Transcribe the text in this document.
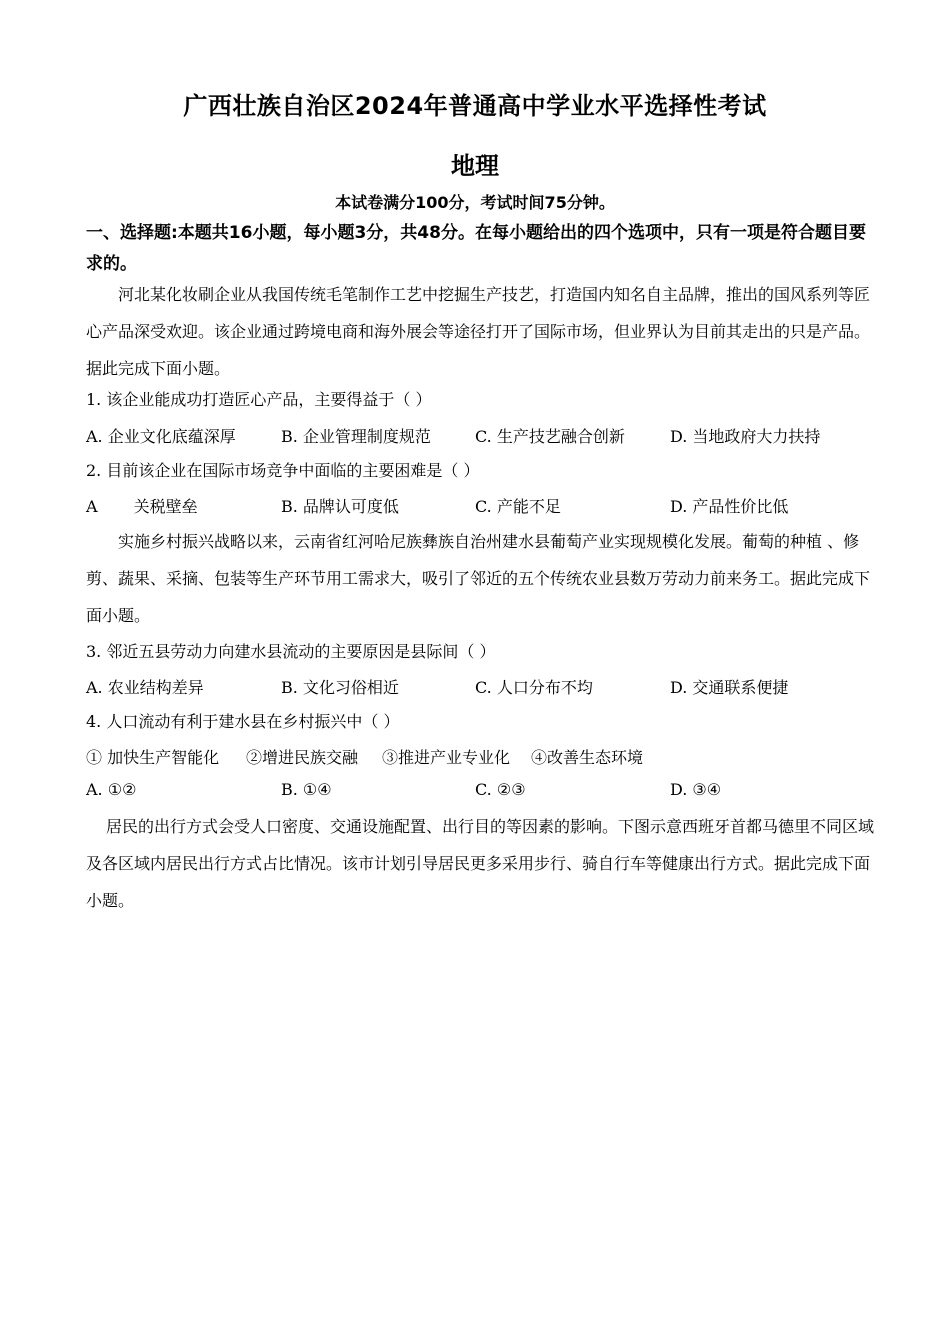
广西壮族自治区2024年普通高中学业水平选择性考试
地理
本试卷满分100分，考试时间75分钟。
一、选择题:本题共16小题，每小题3分，共48分。在每小题给出的四个选项中，只有一项是符合题目要求的。
河北某化妆刷企业从我国传统毛笔制作工艺中挖掘生产技艺，打造国内知名自主品牌，推出的国风系列等匠心产品深受欢迎。该企业通过跨境电商和海外展会等途径打开了国际市场，但业界认为目前其走出的只是产品。据此完成下面小题。
1. 该企业能成功打造匠心产品，主要得益于（ ）
A. 企业文化底蕴深厚	B. 企业管理制度规范	C. 生产技艺融合创新	D. 当地政府大力扶持
2. 目前该企业在国际市场竞争中面临的主要困难是（ ）
A 关税壁垒	B. 品牌认可度低	C. 产能不足	D. 产品性价比低
实施乡村振兴战略以来，云南省红河哈尼族彝族自治州建水县葡萄产业实现规模化发展。葡萄的种植 、修剪、蔬果、采摘、包装等生产环节用工需求大，吸引了邻近的五个传统农业县数万劳动力前来务工。据此完成下面小题。
3. 邻近五县劳动力向建水县流动的主要原因是县际间（ ）
A. 农业结构差异	B. 文化习俗相近	C. 人口分布不均	D. 交通联系便捷
4. 人口流动有利于建水县在乡村振兴中（ ）
① 加快生产智能化 ②增进民族交融 ③推进产业专业化 ④改善生态环境
A. ①②	B. ①④	C. ②③	D. ③④
居民的出行方式会受人口密度、交通设施配置、出行目的等因素的影响。下图示意西班牙首都马德里不同区域及各区域内居民出行方式占比情况。该市计划引导居民更多采用步行、骑自行车等健康出行方式。据此完成下面小题。
